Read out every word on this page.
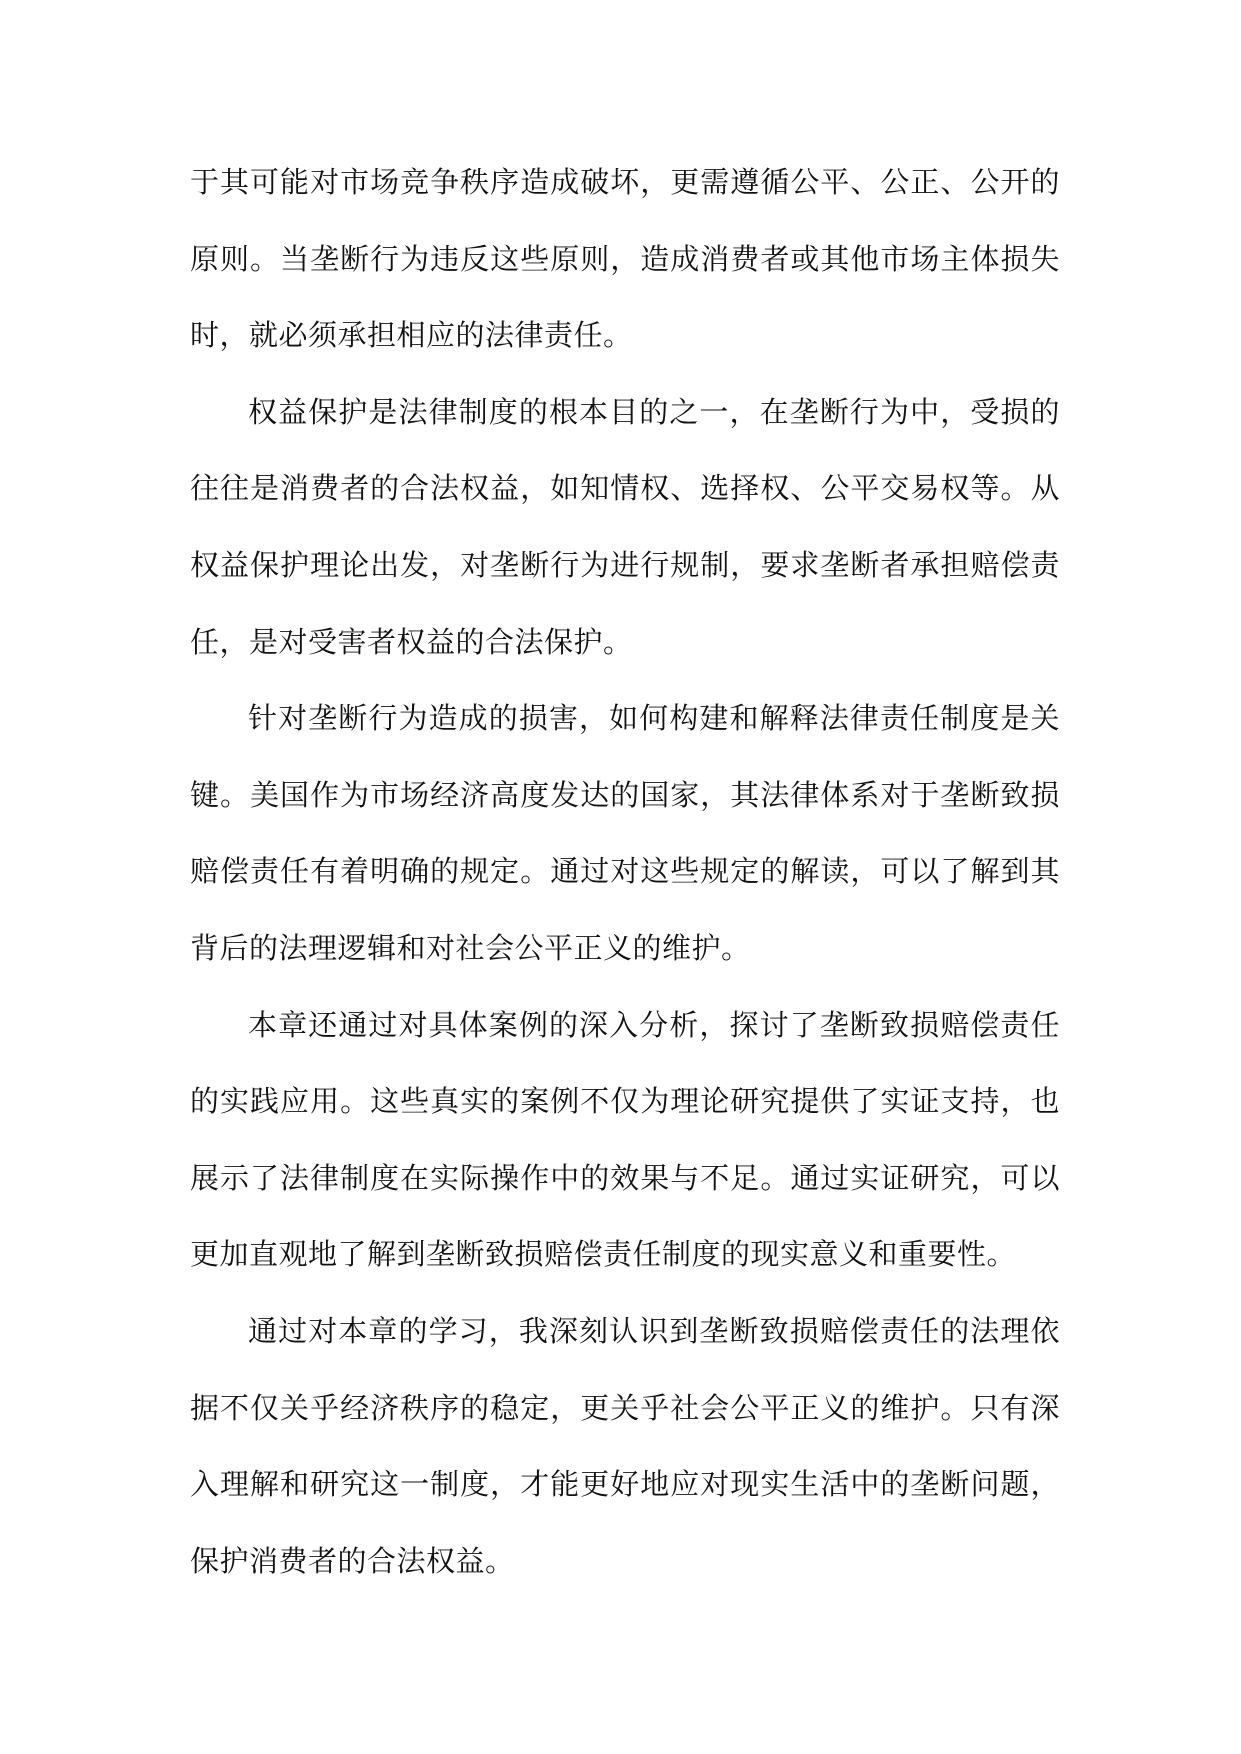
于其可能对市场竞争秩序造成破坏，更需遵循公平、公正、公开的原则。当垄断行为违反这些原则，造成消费者或其他市场主体损失时，就必须承担相应的法律责任。

权益保护是法律制度的根本目的之一，在垄断行为中，受损的往往是消费者的合法权益，如知情权、选择权、公平交易权等。从权益保护理论出发，对垄断行为进行规制，要求垄断者承担赔偿责任，是对受害者权益的合法保护。

针对垄断行为造成的损害，如何构建和解释法律责任制度是关键。美国作为市场经济高度发达的国家，其法律体系对于垄断致损赔偿责任有着明确的规定。通过对这些规定的解读，可以了解到其背后的法理逻辑和对社会公平正义的维护。

本章还通过对具体案例的深入分析，探讨了垄断致损赔偿责任的实践应用。这些真实的案例不仅为理论研究提供了实证支持，也展示了法律制度在实际操作中的效果与不足。通过实证研究，可以更加直观地了解到垄断致损赔偿责任制度的现实意义和重要性。

通过对本章的学习，我深刻认识到垄断致损赔偿责任的法理依据不仅关乎经济秩序的稳定，更关乎社会公平正义的维护。只有深入理解和研究这一制度，才能更好地应对现实生活中的垄断问题，保护消费者的合法权益。
